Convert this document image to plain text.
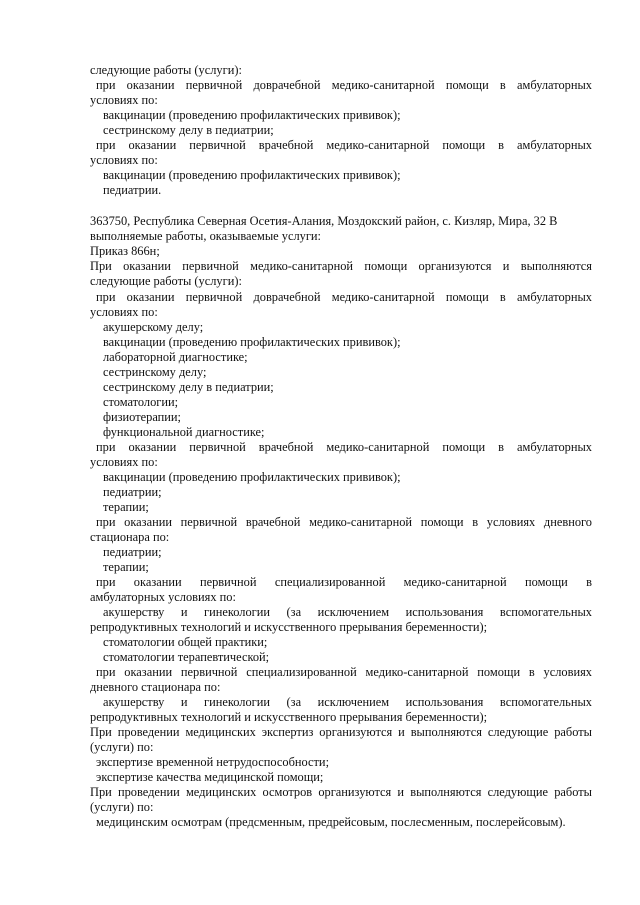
следующие работы (услуги):

при оказании первичной доврачебной медико-санитарной помощи в амбулаторных

условиях по:

вакцинации (проведению профилактических прививок);

сестринскому делу в педиатрии;

при оказании первичной врачебной медико-санитарной помощи в амбулаторных

условиях по:

вакцинации (проведению профилактических прививок);

педиатрии.

363750, Республика Северная Осетия-Алания, Моздокский район, с. Кизляр, Мира, 32 В

выполняемые работы, оказываемые услуги:

Приказ 866н;

При оказании первичной медико-санитарной помощи организуются и выполняются

следующие работы (услуги):

при оказании первичной доврачебной медико-санитарной помощи в амбулаторных

условиях по:

акушерскому делу;

вакцинации (проведению профилактических прививок);

лабораторной диагностике;

сестринскому делу;

сестринскому делу в педиатрии;

стоматологии;

физиотерапии;

функциональной диагностике;

при оказании первичной врачебной медико-санитарной помощи в амбулаторных

условиях по:

вакцинации (проведению профилактических прививок);

педиатрии;

терапии;

при оказании первичной врачебной медико-санитарной помощи в условиях дневного

стационара по:

педиатрии;

терапии;

при оказании первичной специализированной медико-санитарной помощи в

амбулаторных условиях по:

акушерству и гинекологии (за исключением использования вспомогательных

репродуктивных технологий и искусственного прерывания беременности);

стоматологии общей практики;

стоматологии терапевтической;

при оказании первичной специализированной медико-санитарной помощи в условиях

дневного стационара по:

акушерству и гинекологии (за исключением использования вспомогательных

репродуктивных технологий и искусственного прерывания беременности);

При проведении медицинских экспертиз организуются и выполняются следующие работы

(услуги) по:

экспертизе временной нетрудоспособности;

экспертизе качества медицинской помощи;

При проведении медицинских осмотров организуются и выполняются следующие работы

(услуги) по:

медицинским осмотрам (предсменным, предрейсовым, послесменным, послерейсовым).
